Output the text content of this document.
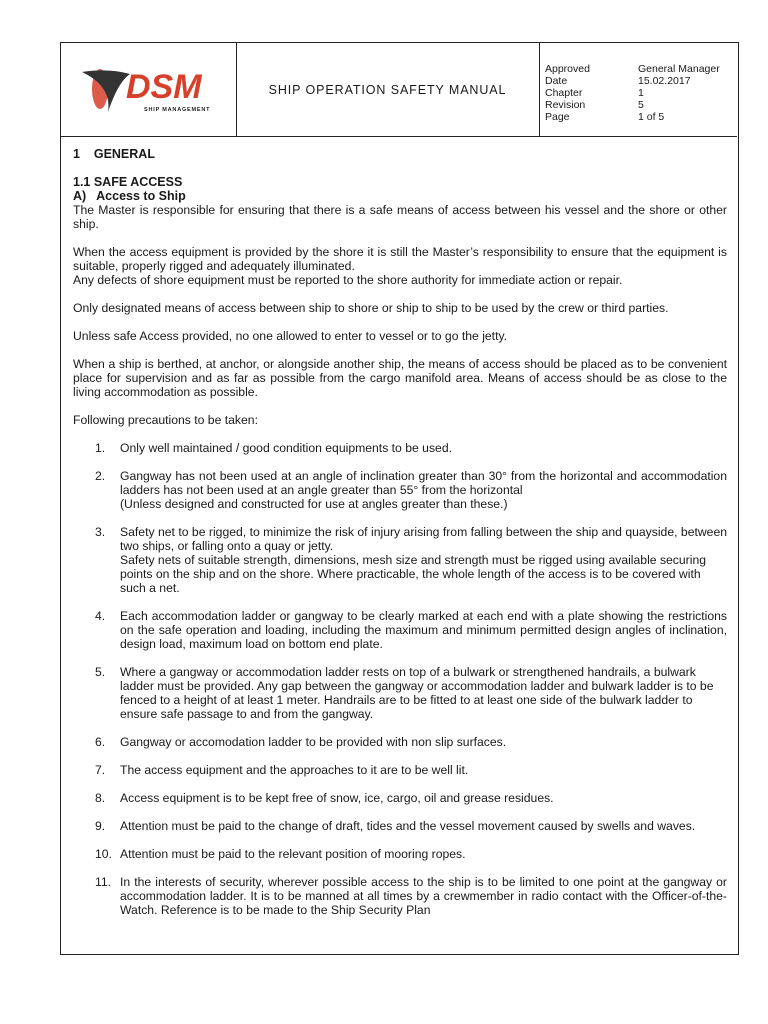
DSM
SHIP MANAGEMENT
SHIP OPERATION SAFETY MANUAL
Approved	General Manager
Date	15.02.2017
Chapter	1
Revision	5
Page	1 of 5

1    GENERAL

1.1 SAFE ACCESS

A)   Access to Ship

The Master is responsible for ensuring that there is a safe means of access between his vessel and the shore or other ship.

When the access equipment is provided by the shore it is still the Master’s responsibility to ensure that the equipment is suitable, properly rigged and adequately illuminated.

Any defects of shore equipment must be reported to the shore authority for immediate action or repair.

Only designated means of access between ship to shore or ship to ship to be used by the crew or third parties.

Unless safe Access provided, no one allowed to enter to vessel or to go the jetty.

When a ship is berthed, at anchor, or alongside another ship, the means of access should be placed as to be convenient place for supervision and as far as possible from the cargo manifold area. Means of access should be as close to the living accommodation as possible.

Following precautions to be taken:

1. Only well maintained / good condition equipments to be used.
2. Gangway has not been used at an angle of inclination greater than 30° from the horizontal and accommodation ladders has not been used at an angle greater than 55° from the horizontal
(Unless designed and constructed for use at angles greater than these.)
3. Safety net to be rigged, to minimize the risk of injury arising from falling between the ship and quayside, between two ships, or falling onto a quay or jetty.
Safety nets of suitable strength, dimensions, mesh size and strength must be rigged using available securing points on the ship and on the shore. Where practicable, the whole length of the access is to be covered with such a net.
4. Each accommodation ladder or gangway to be clearly marked at each end with a plate showing the restrictions on the safe operation and loading, including the maximum and minimum permitted design angles of inclination, design load, maximum load on bottom end plate.
5. Where a gangway or accommodation ladder rests on top of a bulwark or strengthened handrails, a bulwark ladder must be provided. Any gap between the gangway or accommodation ladder and bulwark ladder is to be fenced to a height of at least 1 meter. Handrails are to be fitted to at least one side of the bulwark ladder to ensure safe passage to and from the gangway.
6. Gangway or accomodation ladder to be provided with non slip surfaces.
7. The access equipment and the approaches to it are to be well lit.
8. Access equipment is to be kept free of snow, ice, cargo, oil and grease residues.
9. Attention must be paid to the change of draft, tides and the vessel movement caused by swells and waves.
10. Attention must be paid to the relevant position of mooring ropes.
11. In the interests of security, wherever possible access to the ship is to be limited to one point at the gangway or accommodation ladder. It is to be manned at all times by a crewmember in radio contact with the Officer-of-the-Watch. Reference is to be made to the Ship Security Plan
